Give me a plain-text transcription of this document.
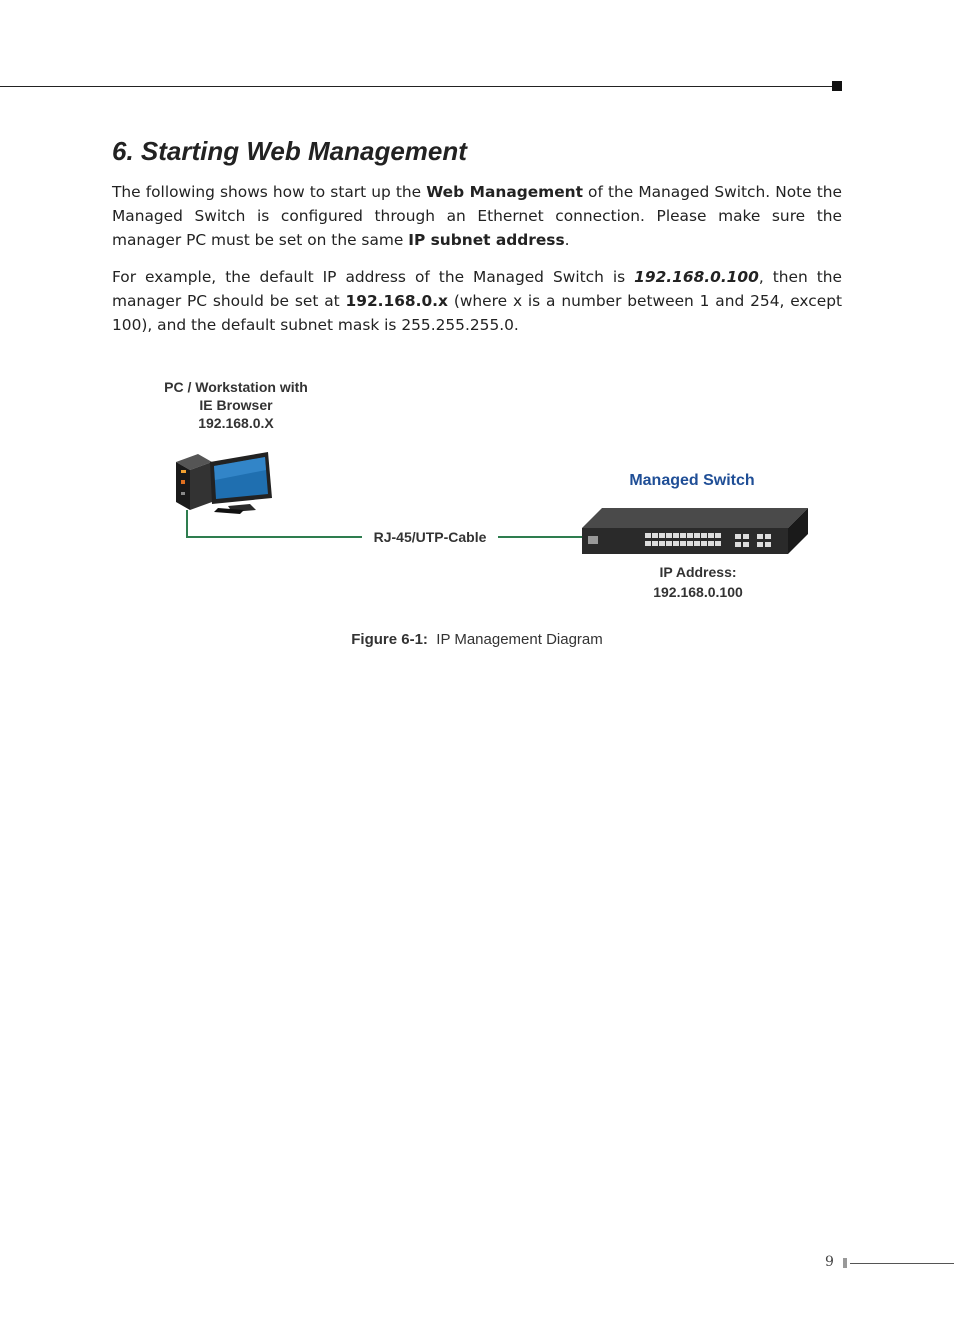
6. Starting Web Management

The following shows how to start up the Web Management of the Managed Switch. Note the Managed Switch is configured through an Ethernet connection. Please make sure the manager PC must be set on the same IP subnet address.

For example, the default IP address of the Managed Switch is 192.168.0.100, then the manager PC should be set at 192.168.0.x (where x is a number between 1 and 254, except 100), and the default subnet mask is 255.255.255.0.

PC / Workstation with
IE Browser
192.168.0.X
Managed Switch
RJ-45/UTP-Cable
IP Address:
192.168.0.100
Figure 6-1:  IP Management Diagram
9
